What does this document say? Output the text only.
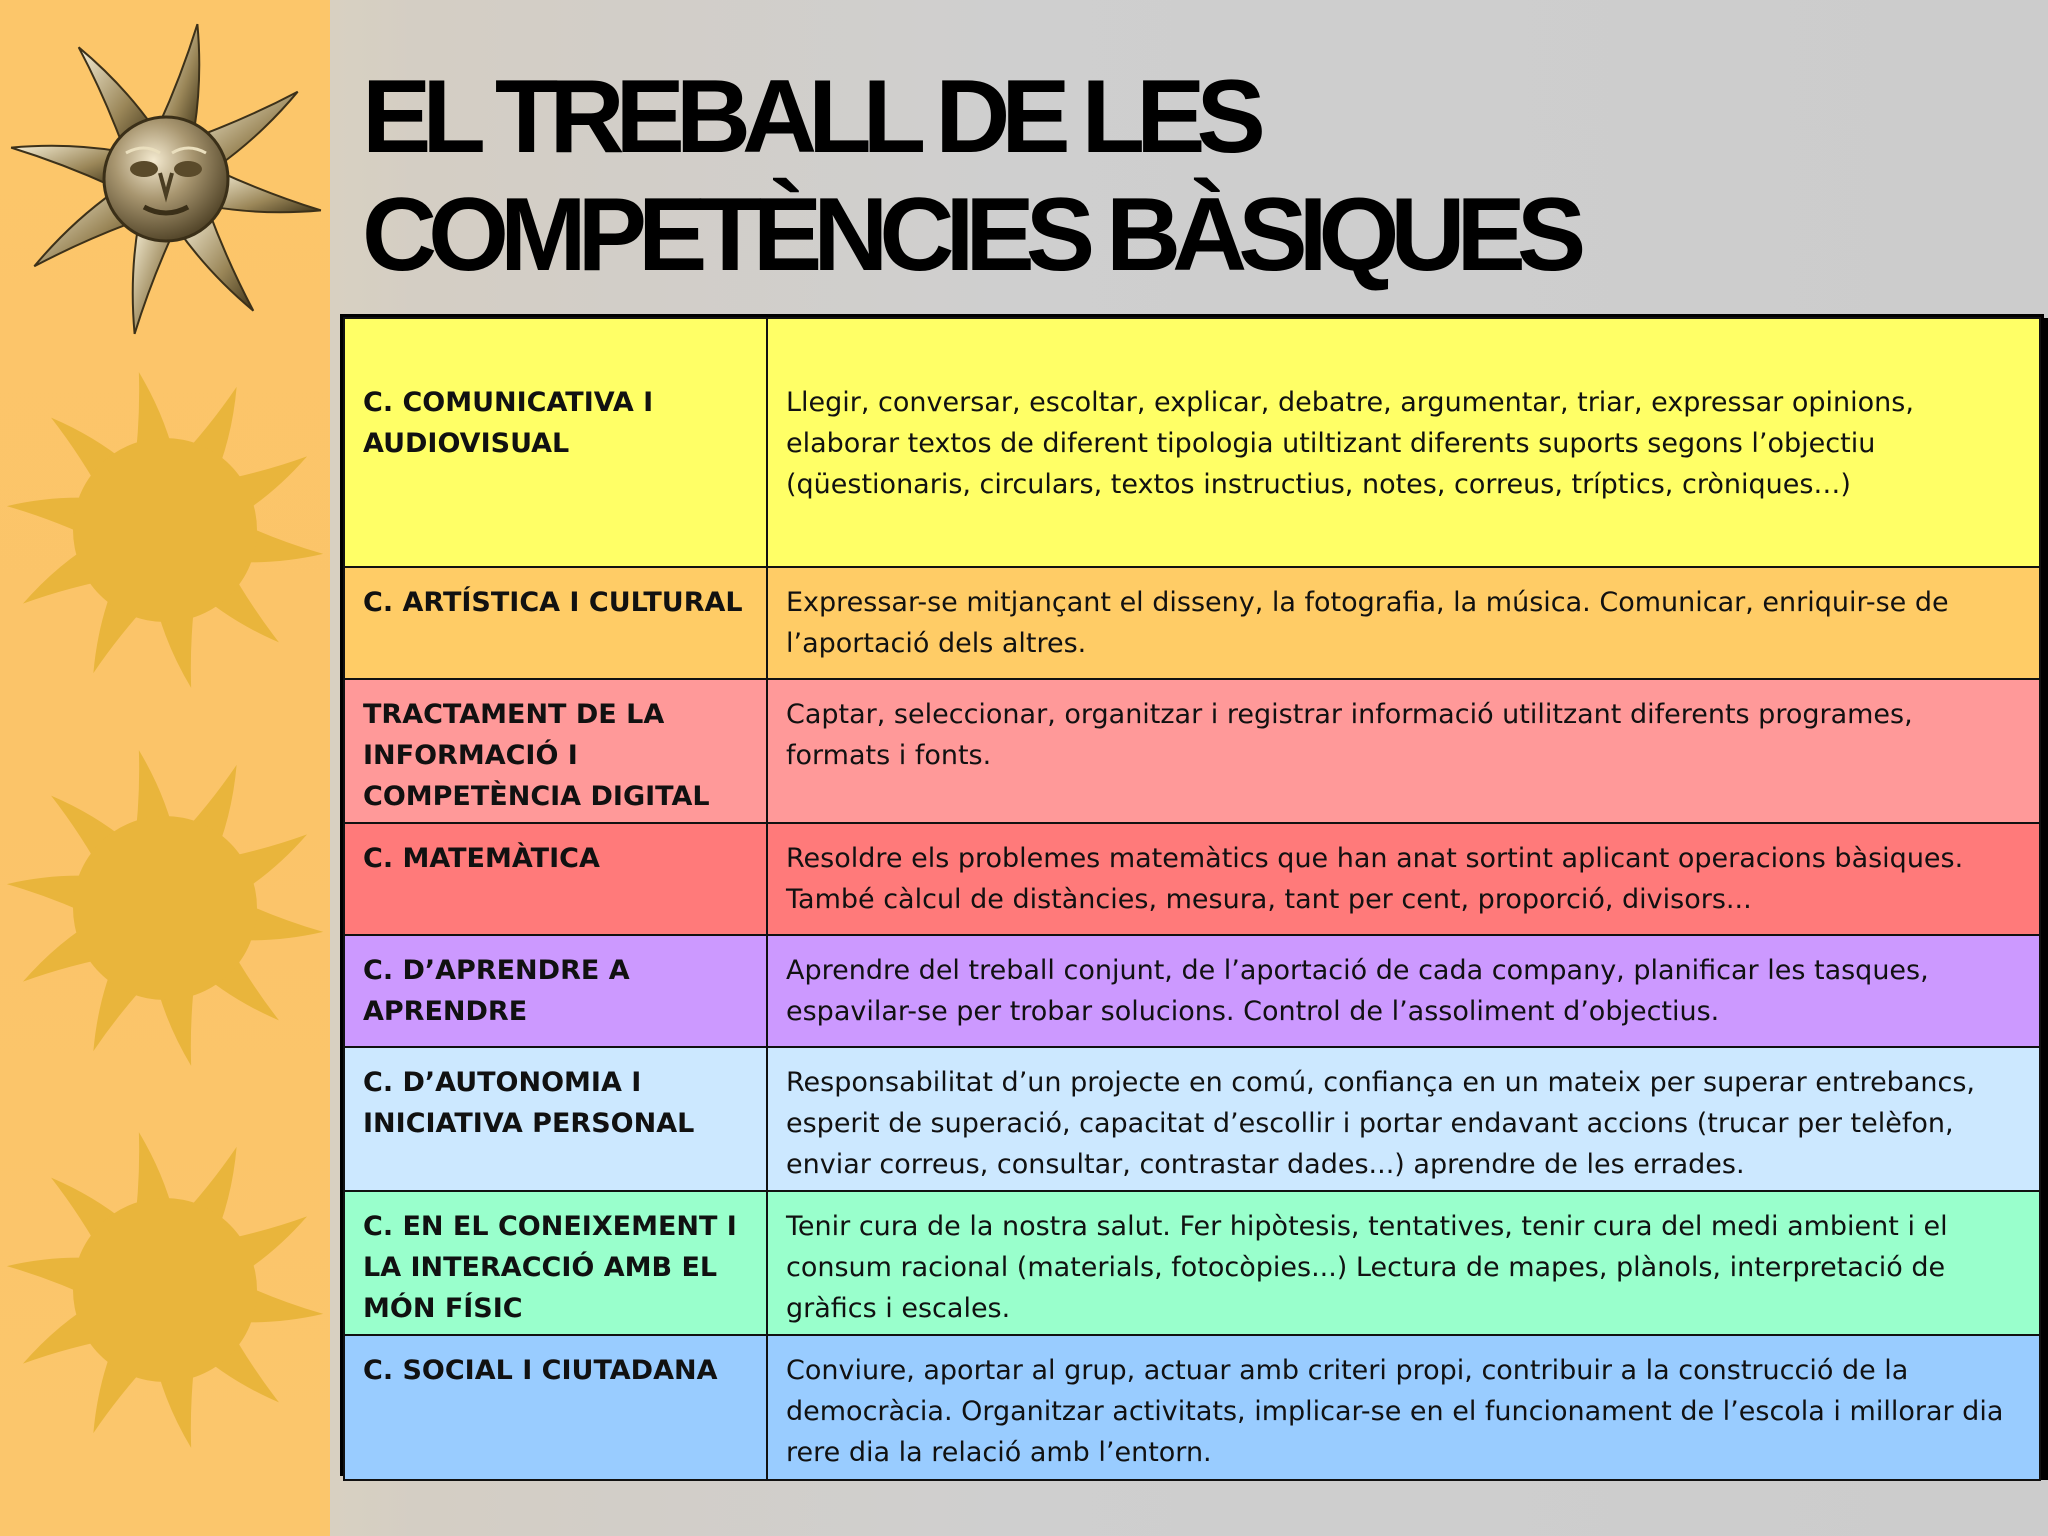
EL TREBALL DE LES
COMPETÈNCIES BÀSIQUES
C. COMUNICATIVA I AUDIOVISUAL	Llegir, conversar, escoltar, explicar, debatre, argumentar, triar, expressar opinions, elaborar textos de diferent tipologia utiltizant diferents suports segons l’objectiu (qüestionaris, circulars, textos instructius, notes, correus, tríptics, cròniques…)
C. ARTÍSTICA I CULTURAL	Expressar-se mitjançant el disseny, la fotografia, la música. Comunicar, enriquir-se de l’aportació dels altres.
TRACTAMENT DE LA INFORMACIÓ I COMPETÈNCIA DIGITAL	Captar, seleccionar, organitzar i registrar informació utilitzant diferents programes, formats i fonts.
C. MATEMÀTICA	Resoldre els problemes matemàtics que han anat sortint aplicant operacions bàsiques. També càlcul de distàncies, mesura, tant per cent, proporció, divisors...
C. D’APRENDRE A APRENDRE	Aprendre del treball conjunt, de l’aportació de cada company, planificar les tasques, espavilar-se per trobar solucions. Control de l’assoliment d’objectius.
C. D’AUTONOMIA I INICIATIVA PERSONAL	Responsabilitat d’un projecte en comú, confiança en un mateix per superar entrebancs, esperit de superació, capacitat d’escollir i portar endavant accions (trucar per telèfon, enviar correus, consultar, contrastar dades...) aprendre de les errades.
C. EN EL CONEIXEMENT I LA INTERACCIÓ AMB EL MÓN FÍSIC	Tenir cura de la nostra salut. Fer hipòtesis, tentatives, tenir cura del medi ambient i el consum racional (materials, fotocòpies...) Lectura de mapes, plànols, interpretació de gràfics i escales.
C. SOCIAL I CIUTADANA	Conviure, aportar al grup, actuar amb criteri propi, contribuir a la construcció de la democràcia. Organitzar activitats, implicar-se en el funcionament de l’escola i millorar dia rere dia la relació amb l’entorn.
